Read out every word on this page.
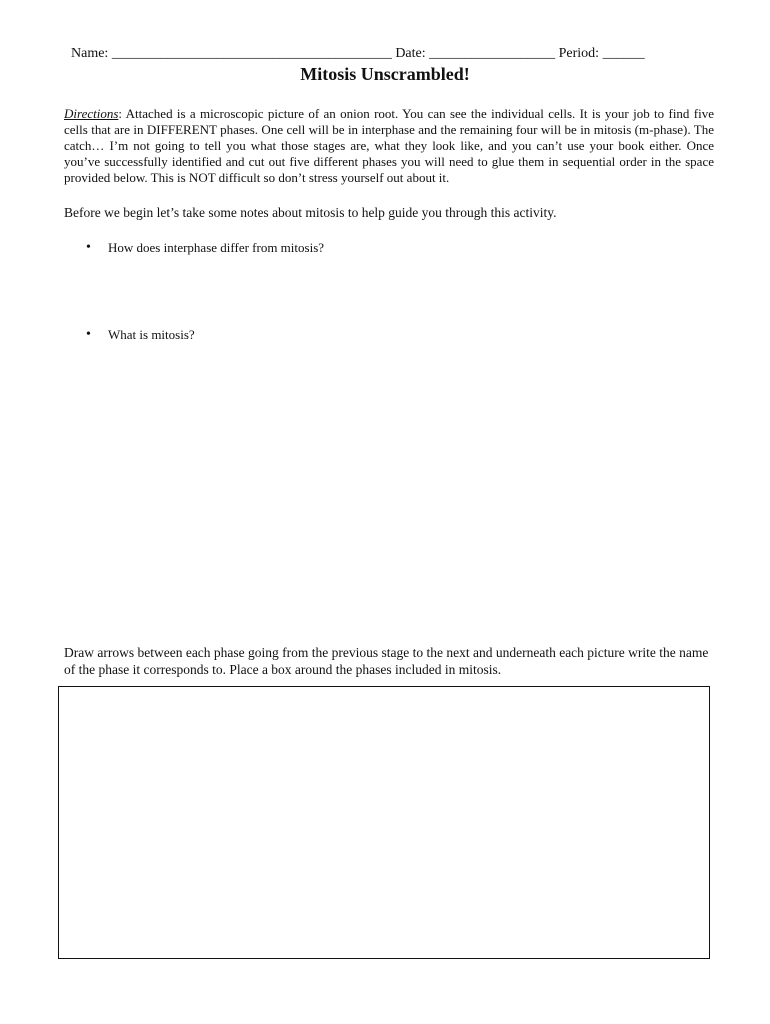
Name: ________________________________________ Date: __________________ Period: ______
Mitosis Unscrambled!
Directions: Attached is a microscopic picture of an onion root. You can see the individual cells. It is your job to find five cells that are in DIFFERENT phases. One cell will be in interphase and the remaining four will be in mitosis (m-phase). The catch… I’m not going to tell you what those stages are, what they look like, and you can’t use your book either. Once you’ve successfully identified and cut out five different phases you will need to glue them in sequential order in the space provided below. This is NOT difficult so don’t stress yourself out about it.
Before we begin let’s take some notes about mitosis to help guide you through this activity.
•	How does interphase differ from mitosis?
•	What is mitosis?
Draw arrows between each phase going from the previous stage to the next and underneath each picture write the name of the phase it corresponds to. Place a box around the phases included in mitosis.
